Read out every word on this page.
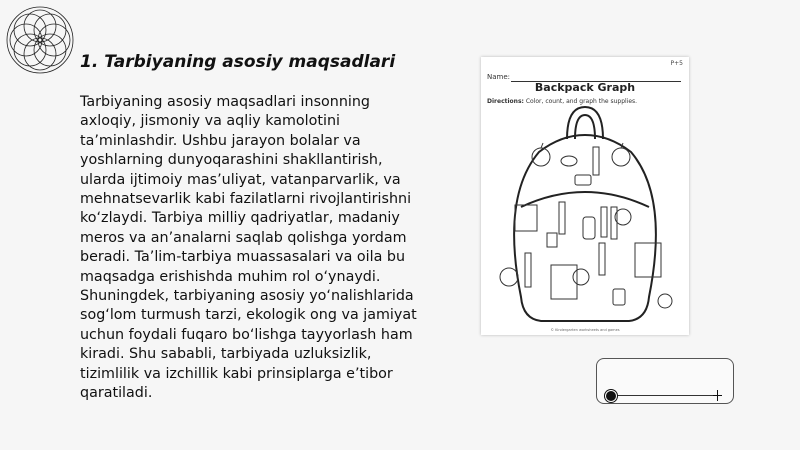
1. Tarbiyaning asosiy maqsadlari
Tarbiyaning asosiy maqsadlari insonning axloqiy, jismoniy va aqliy kamolotini ta’minlashdir. Ushbu jarayon bolalar va yoshlarning dunyoqarashini shakllantirish, ularda ijtimoiy mas’uliyat, vatanparvarlik, va mehnatsevarlik kabi fazilatlarni rivojlantirishni ko‘zlaydi. Tarbiya milliy qadriyatlar, madaniy meros va an’analarni saqlab qolishga yordam beradi. Ta’lim-tarbiya muassasalari va oila bu maqsadga erishishda muhim rol o‘ynaydi. Shuningdek, tarbiyaning asosiy yo‘nalishlarida sog‘lom turmush tarzi, ekologik ong va jamiyat uchun foydali fuqaro bo‘lishga tayyorlash ham kiradi. Shu sababli, tarbiyada uzluksizlik, tizimlilik va izchillik kabi prinsiplarga e’tibor qaratiladi.
P+5
Name:
Backpack Graph
Directions: Color, count, and graph the supplies.
© Kindergarten worksheets and games
